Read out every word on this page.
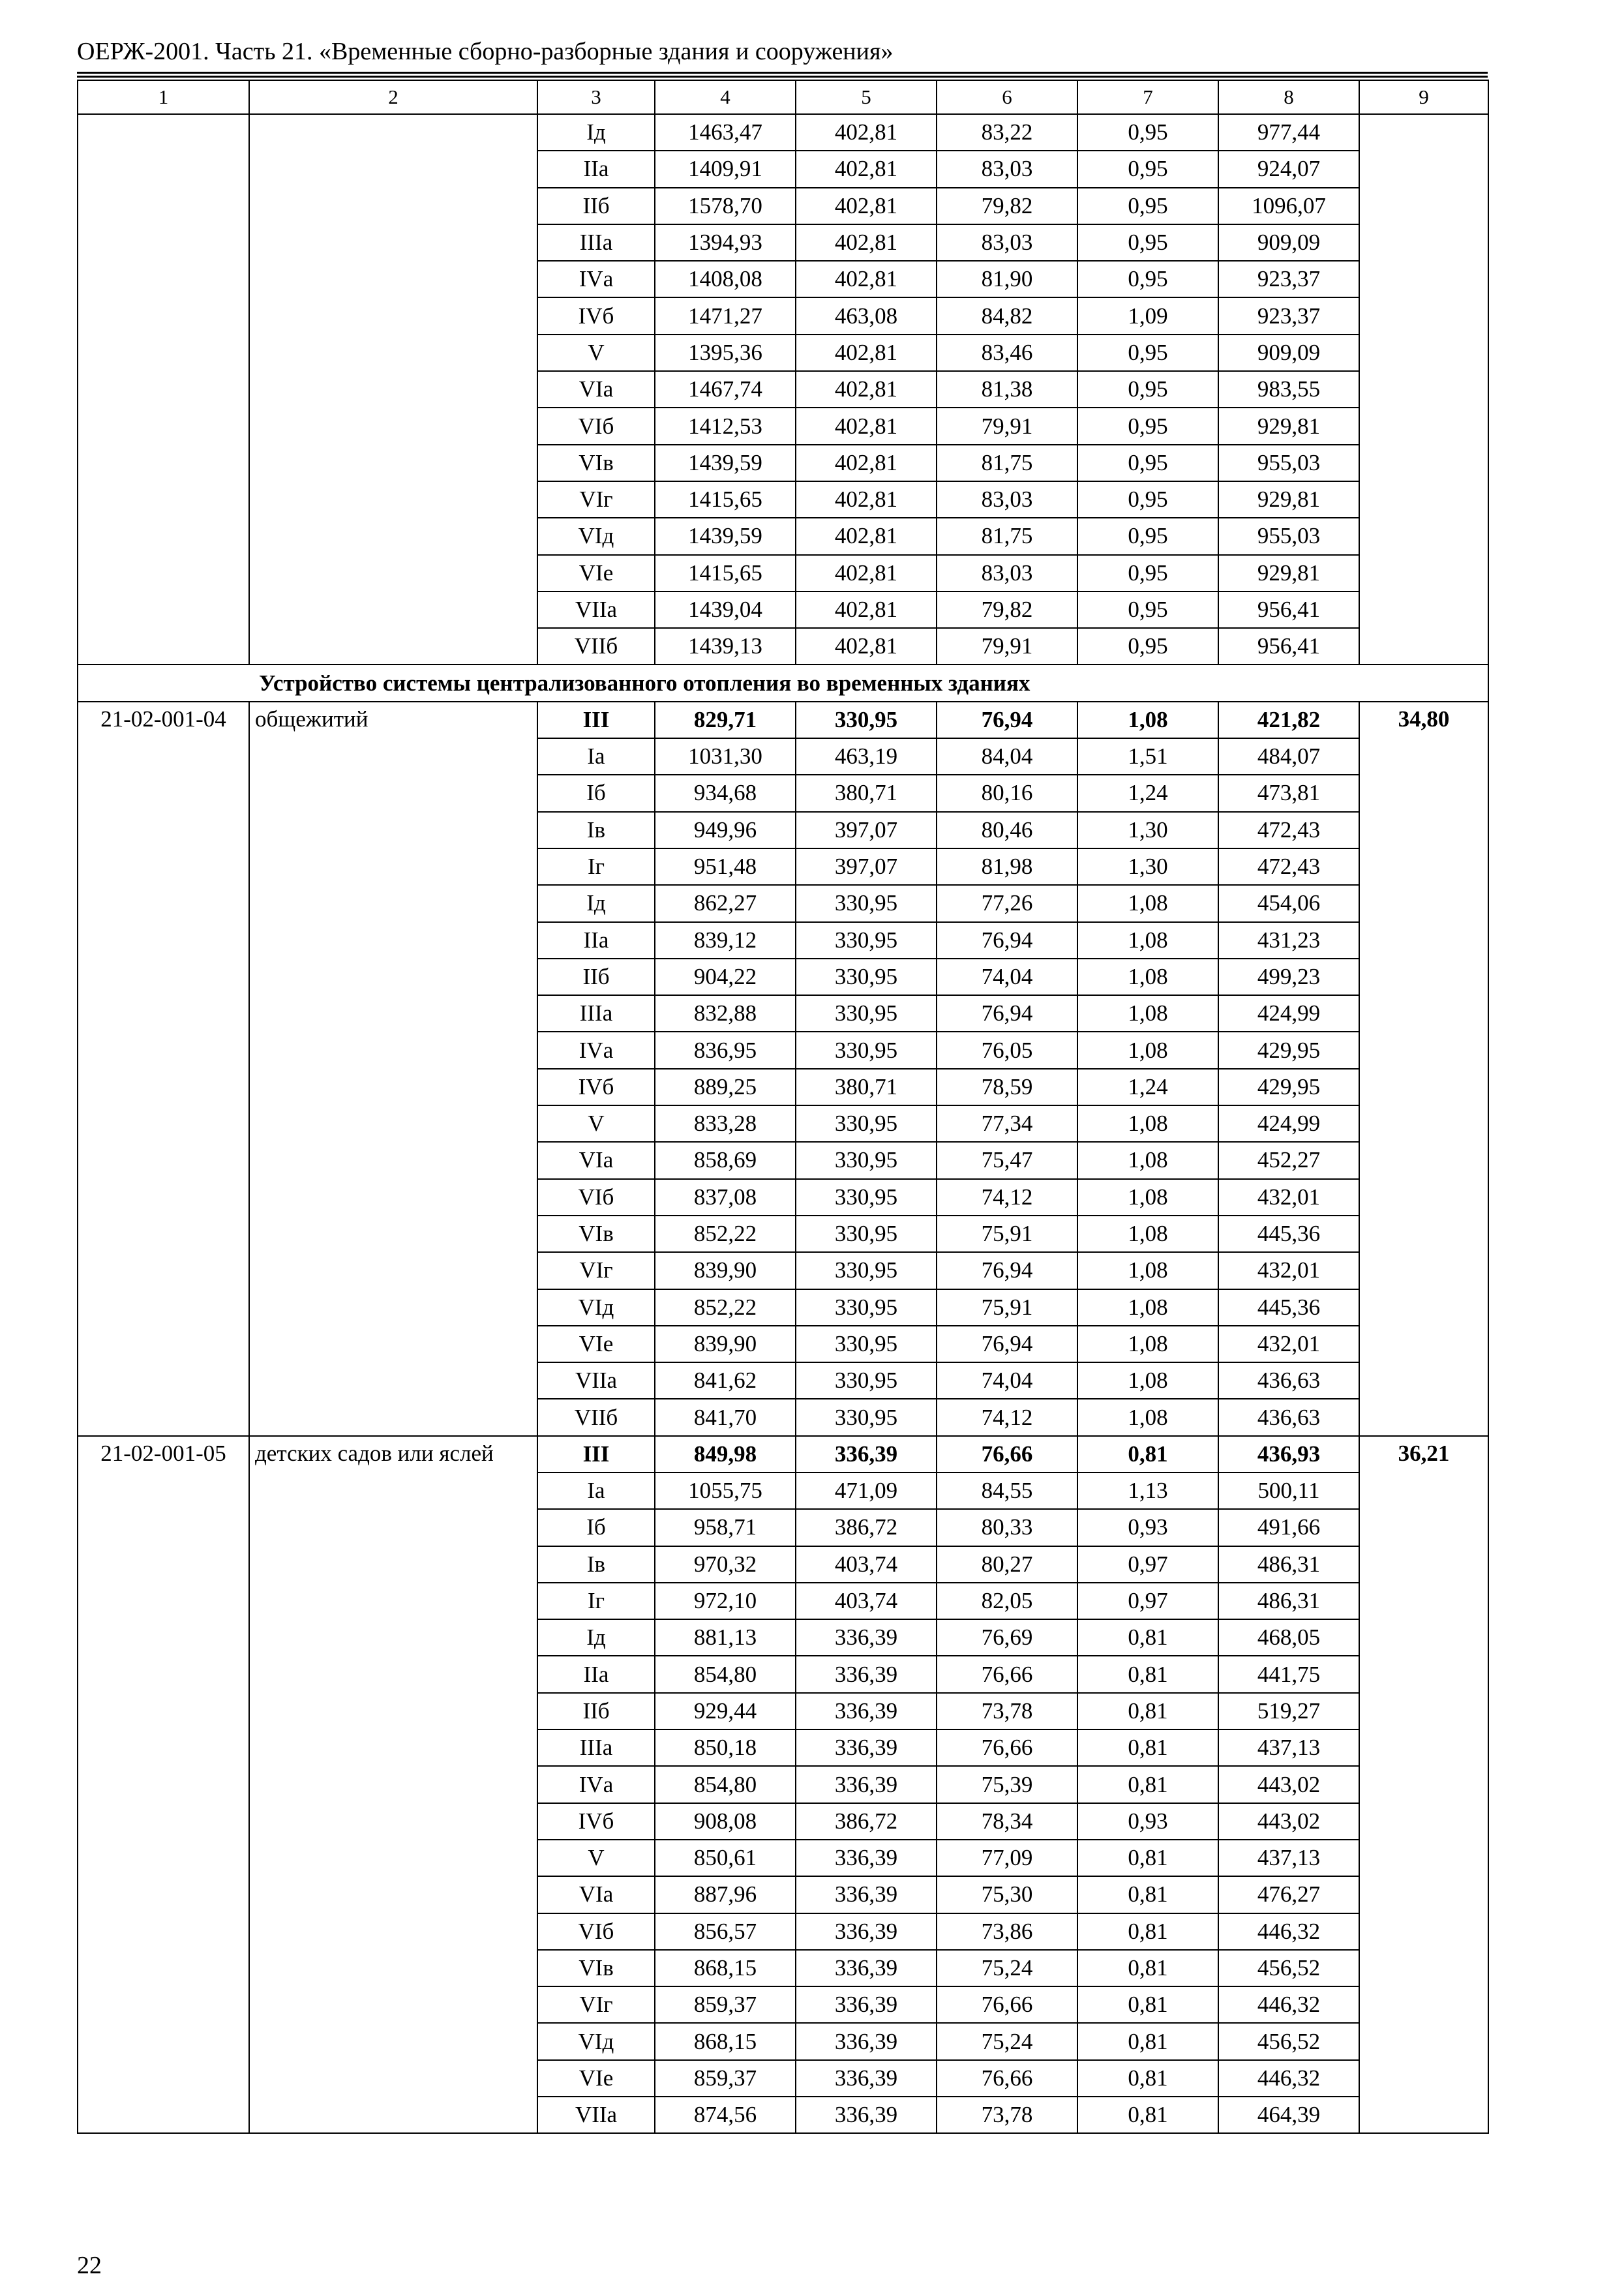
ОЕРЖ-2001. Часть 21. «Временные сборно-разборные здания и сооружения»
1	2	3	4	5	6	7	8	9
		Iд	1463,47	402,81	83,22	0,95	977,44	
		IIа	1409,91	402,81	83,03	0,95	924,07	
		IIб	1578,70	402,81	79,82	0,95	1096,07	
		IIIа	1394,93	402,81	83,03	0,95	909,09	
		IVа	1408,08	402,81	81,90	0,95	923,37	
		IVб	1471,27	463,08	84,82	1,09	923,37	
		V	1395,36	402,81	83,46	0,95	909,09	
		VIа	1467,74	402,81	81,38	0,95	983,55	
		VIб	1412,53	402,81	79,91	0,95	929,81	
		VIв	1439,59	402,81	81,75	0,95	955,03	
		VIг	1415,65	402,81	83,03	0,95	929,81	
		VIд	1439,59	402,81	81,75	0,95	955,03	
		VIе	1415,65	402,81	83,03	0,95	929,81	
		VIIа	1439,04	402,81	79,82	0,95	956,41	
		VIIб	1439,13	402,81	79,91	0,95	956,41	
Устройство системы централизованного отопления во временных зданиях								
21-02-001-04	общежитий	III	829,71	330,95	76,94	1,08	421,82	34,80
		Iа	1031,30	463,19	84,04	1,51	484,07	
		Iб	934,68	380,71	80,16	1,24	473,81	
		Iв	949,96	397,07	80,46	1,30	472,43	
		Iг	951,48	397,07	81,98	1,30	472,43	
		Iд	862,27	330,95	77,26	1,08	454,06	
		IIа	839,12	330,95	76,94	1,08	431,23	
		IIб	904,22	330,95	74,04	1,08	499,23	
		IIIа	832,88	330,95	76,94	1,08	424,99	
		IVа	836,95	330,95	76,05	1,08	429,95	
		IVб	889,25	380,71	78,59	1,24	429,95	
		V	833,28	330,95	77,34	1,08	424,99	
		VIа	858,69	330,95	75,47	1,08	452,27	
		VIб	837,08	330,95	74,12	1,08	432,01	
		VIв	852,22	330,95	75,91	1,08	445,36	
		VIг	839,90	330,95	76,94	1,08	432,01	
		VIд	852,22	330,95	75,91	1,08	445,36	
		VIе	839,90	330,95	76,94	1,08	432,01	
		VIIа	841,62	330,95	74,04	1,08	436,63	
		VIIб	841,70	330,95	74,12	1,08	436,63	
21-02-001-05	детских садов или яслей	III	849,98	336,39	76,66	0,81	436,93	36,21
		Iа	1055,75	471,09	84,55	1,13	500,11	
		Iб	958,71	386,72	80,33	0,93	491,66	
		Iв	970,32	403,74	80,27	0,97	486,31	
		Iг	972,10	403,74	82,05	0,97	486,31	
		Iд	881,13	336,39	76,69	0,81	468,05	
		IIа	854,80	336,39	76,66	0,81	441,75	
		IIб	929,44	336,39	73,78	0,81	519,27	
		IIIа	850,18	336,39	76,66	0,81	437,13	
		IVа	854,80	336,39	75,39	0,81	443,02	
		IVб	908,08	386,72	78,34	0,93	443,02	
		V	850,61	336,39	77,09	0,81	437,13	
		VIа	887,96	336,39	75,30	0,81	476,27	
		VIб	856,57	336,39	73,86	0,81	446,32	
		VIв	868,15	336,39	75,24	0,81	456,52	
		VIг	859,37	336,39	76,66	0,81	446,32	
		VIд	868,15	336,39	75,24	0,81	456,52	
		VIе	859,37	336,39	76,66	0,81	446,32	
		VIIа	874,56	336,39	73,78	0,81	464,39	
22
